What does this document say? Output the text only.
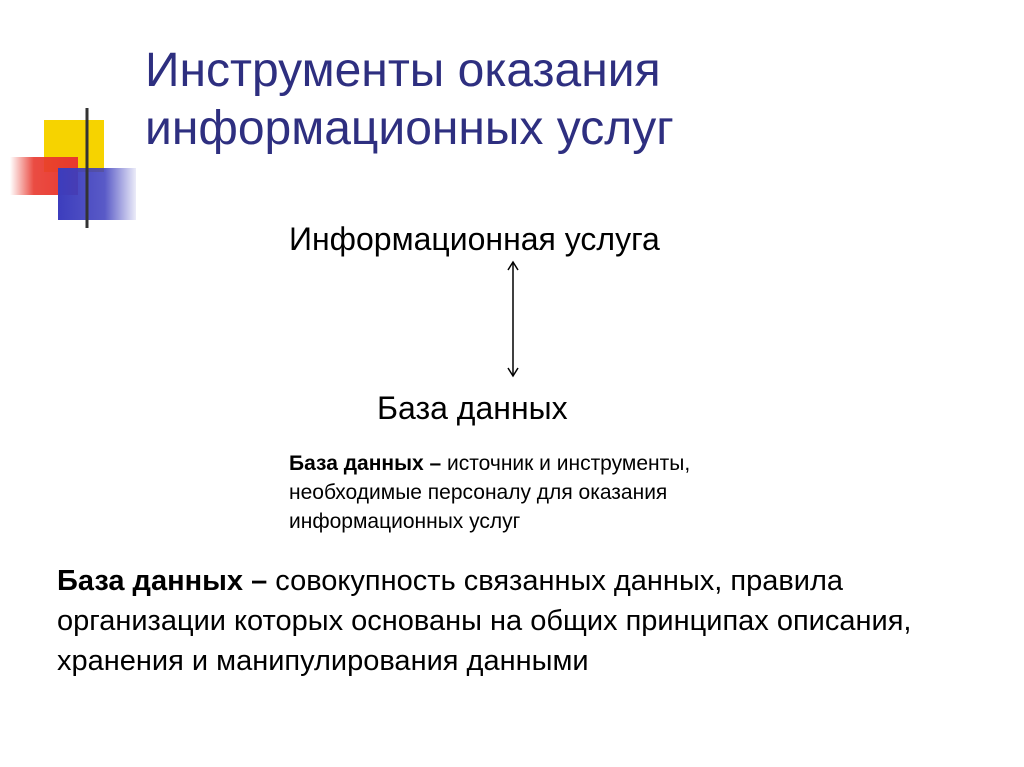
Инструменты оказания
информационных услуг
Информационная услуга
База данных

База данных – источник и инструменты, необходимые персоналу для оказания информационных услуг

База данных – совокупность связанных данных, правила организации которых основаны на общих принципах описания, хранения и манипулирования данными
